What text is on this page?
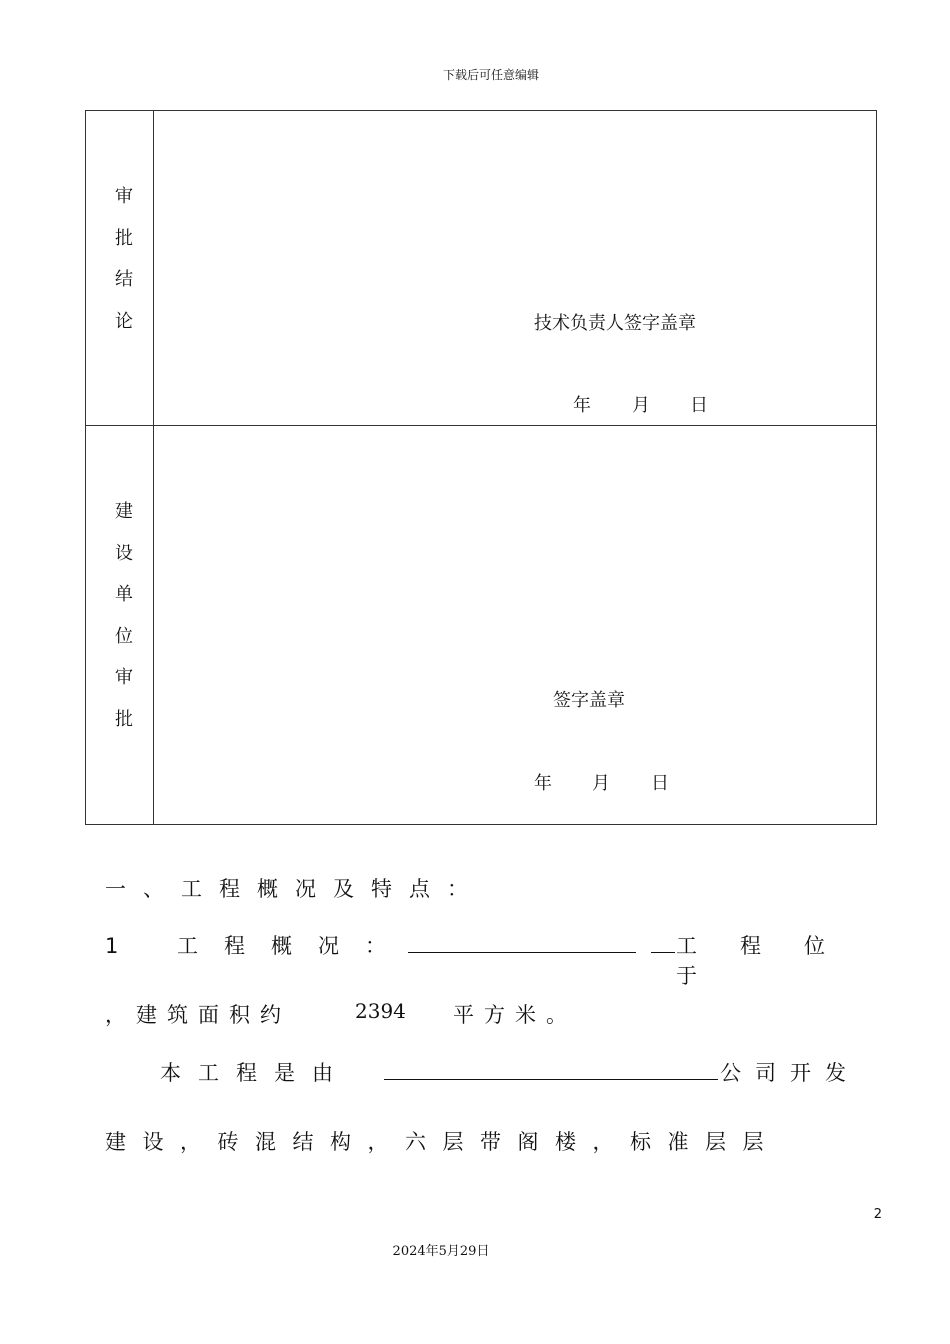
下载后可任意编辑
审
批
结
论	技术负责人签字盖章
年 月 日
建
设
单
位
审
批
签字盖章
年 月 日
一、工程概况及特点：
1 工程概况：	工程位于
，建筑面积约	2394 平方米。
本工程是由	公司开发
建设，砖混结构，六层带阁楼，标准层层
2
2024年5月29日
